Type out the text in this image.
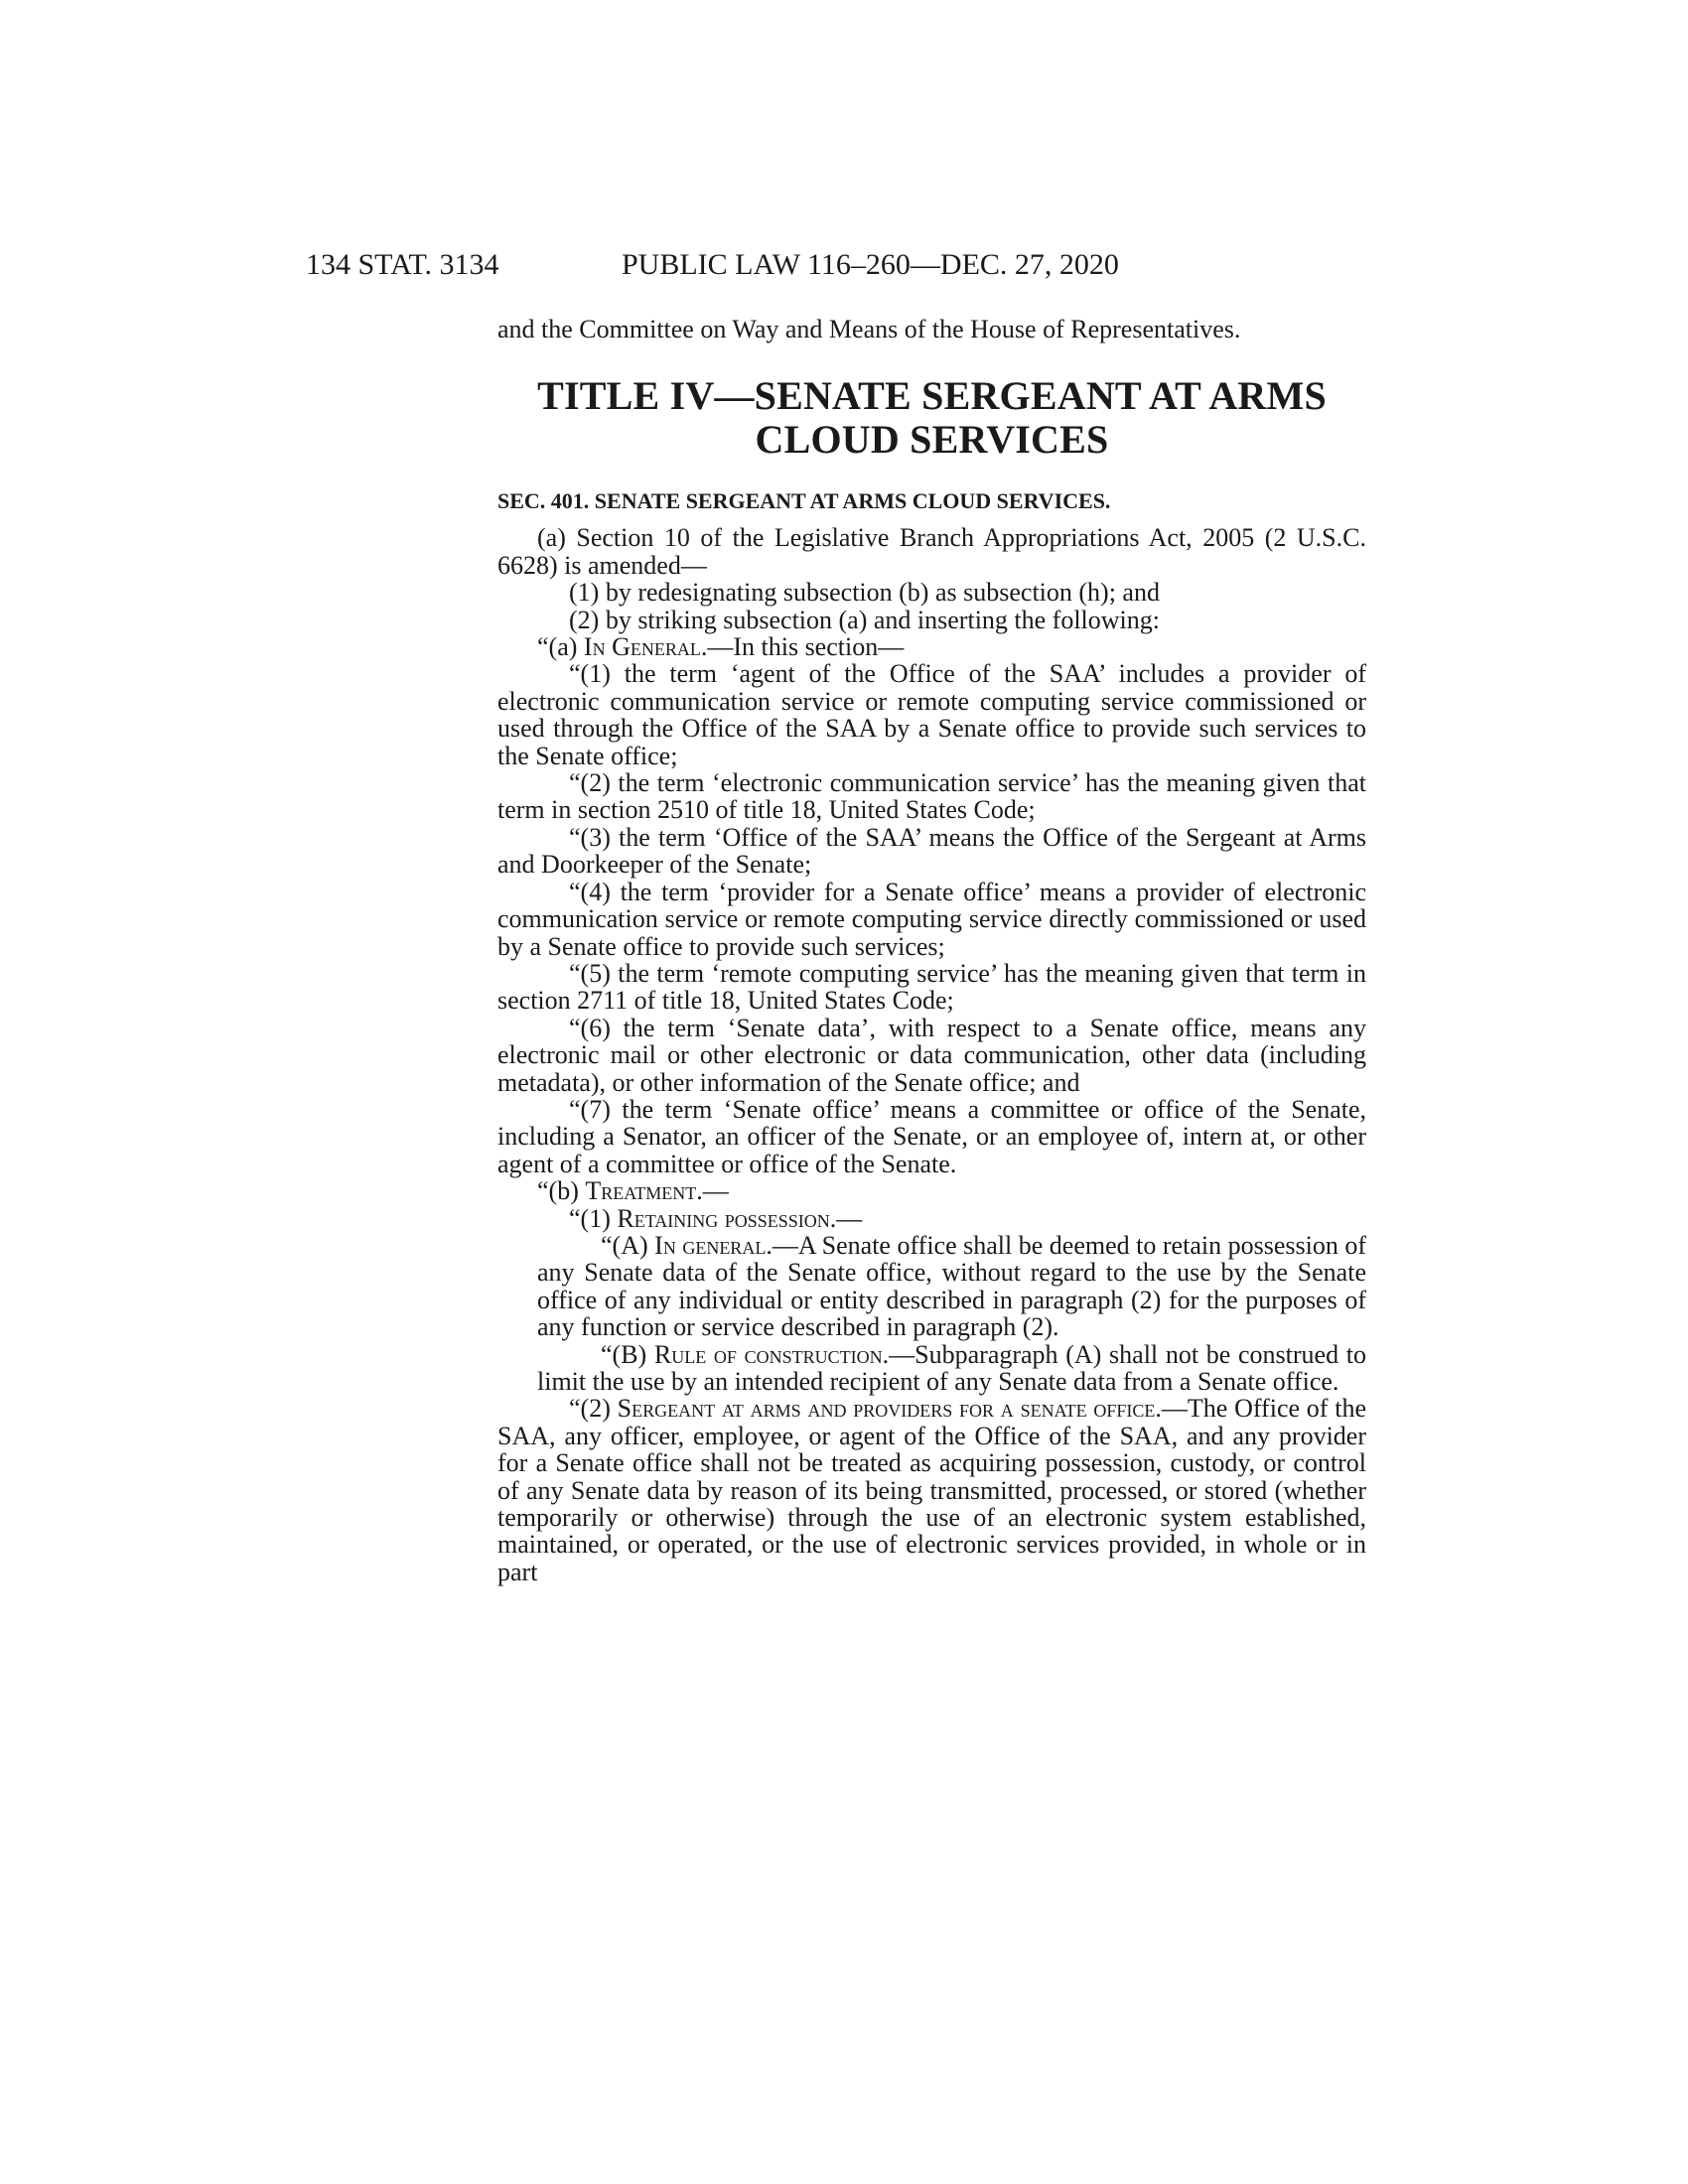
134 STAT. 3134	PUBLIC LAW 116–260—DEC. 27, 2020

and the Committee on Way and Means of the House of Representatives.

TITLE IV—SENATE SERGEANT AT ARMS
CLOUD SERVICES
SEC. 401. SENATE SERGEANT AT ARMS CLOUD SERVICES.

(a) Section 10 of the Legislative Branch Appropriations Act, 2005 (2 U.S.C. 6628) is amended—

(1) by redesignating subsection (b) as subsection (h); and

(2) by striking subsection (a) and inserting the following:

“(a) In General.—In this section—

“(1) the term ‘agent of the Office of the SAA’ includes a provider of electronic communication service or remote computing service commissioned or used through the Office of the SAA by a Senate office to provide such services to the Senate office;

“(2) the term ‘electronic communication service’ has the meaning given that term in section 2510 of title 18, United States Code;

“(3) the term ‘Office of the SAA’ means the Office of the Sergeant at Arms and Doorkeeper of the Senate;

“(4) the term ‘provider for a Senate office’ means a provider of electronic communication service or remote computing service directly commissioned or used by a Senate office to provide such services;

“(5) the term ‘remote computing service’ has the meaning given that term in section 2711 of title 18, United States Code;

“(6) the term ‘Senate data’, with respect to a Senate office, means any electronic mail or other electronic or data communication, other data (including metadata), or other information of the Senate office; and

“(7) the term ‘Senate office’ means a committee or office of the Senate, including a Senator, an officer of the Senate, or an employee of, intern at, or other agent of a committee or office of the Senate.

“(b) Treatment.—

“(1) Retaining possession.—

“(A) In general.—A Senate office shall be deemed to retain possession of any Senate data of the Senate office, without regard to the use by the Senate office of any individual or entity described in paragraph (2) for the purposes of any function or service described in paragraph (2).

“(B) Rule of construction.—Subparagraph (A) shall not be construed to limit the use by an intended recipient of any Senate data from a Senate office.

“(2) Sergeant at arms and providers for a senate office.—The Office of the SAA, any officer, employee, or agent of the Office of the SAA, and any provider for a Senate office shall not be treated as acquiring possession, custody, or control of any Senate data by reason of its being transmitted, processed, or stored (whether temporarily or otherwise) through the use of an electronic system established, maintained, or operated, or the use of electronic services provided, in whole or in part
